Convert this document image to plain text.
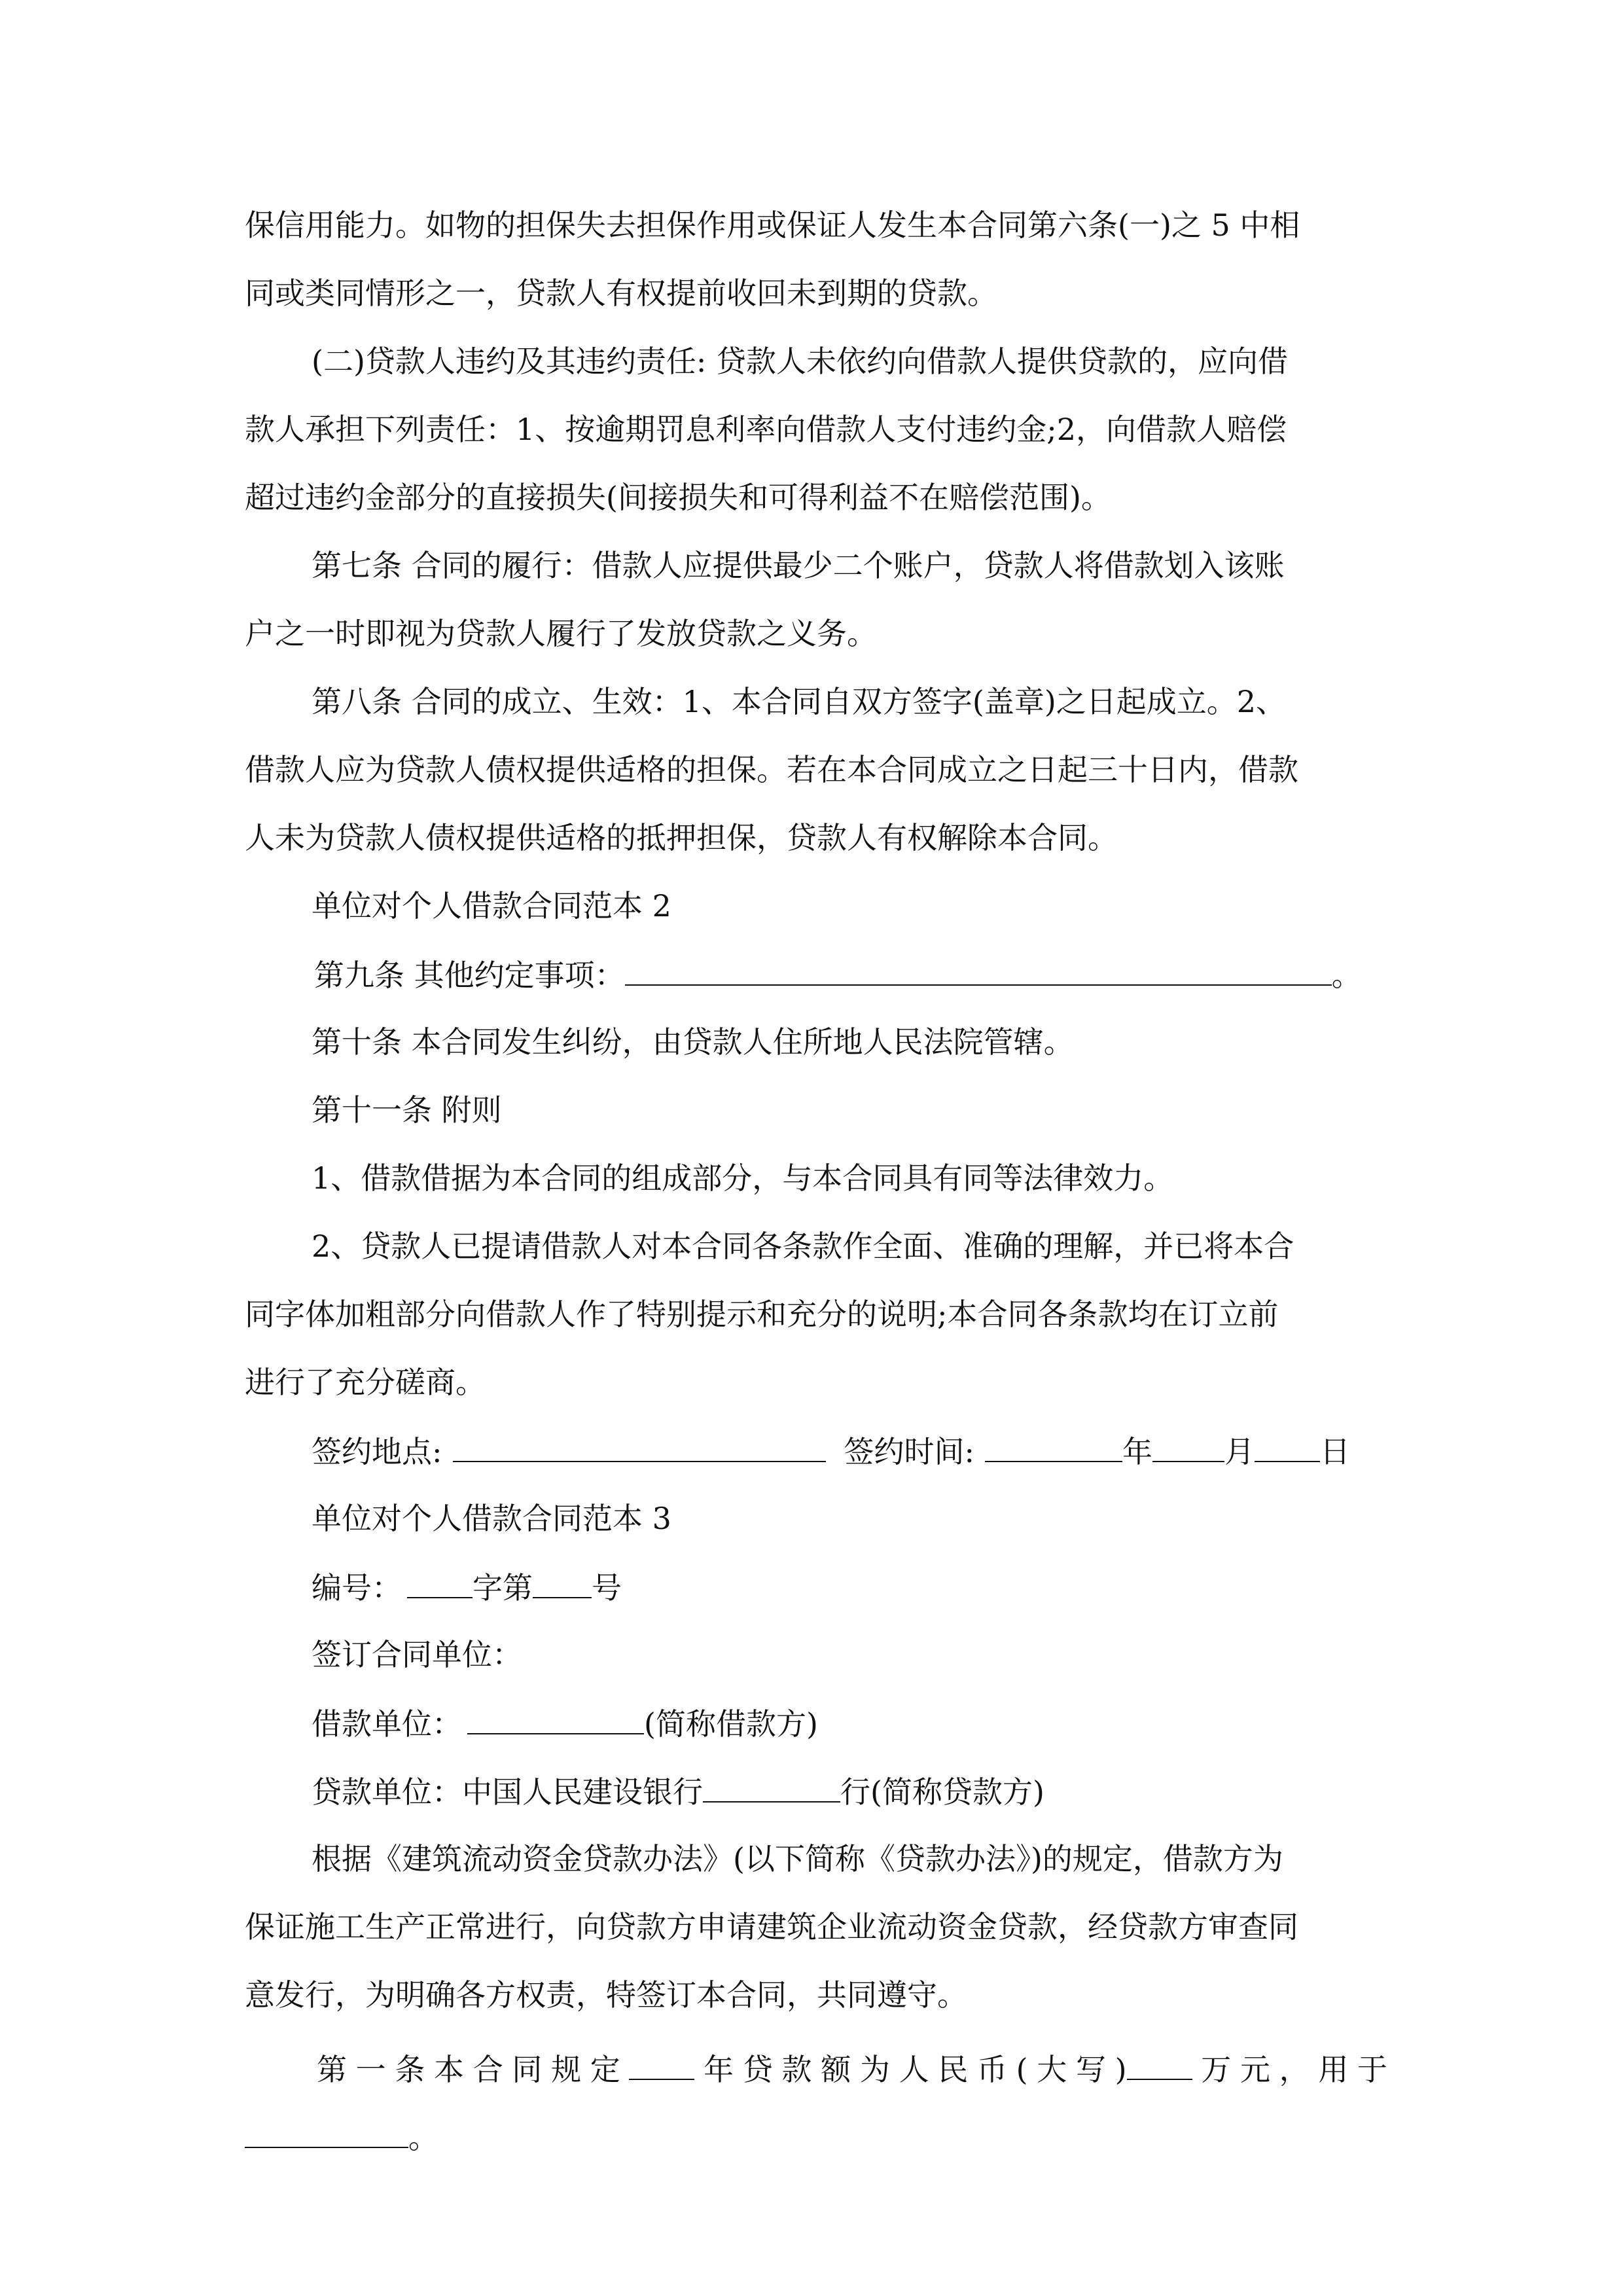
保信用能力。如物的担保失去担保作用或保证人发生本合同第六条(一)之 5 中相
同或类同情形之一，贷款人有权提前收回未到期的贷款。
(二)贷款人违约及其违约责任: 贷款人未依约向借款人提供贷款的，应向借
款人承担下列责任：1、按逾期罚息利率向借款人支付违约金;2，向借款人赔偿
超过违约金部分的直接损失(间接损失和可得利益不在赔偿范围)。
第七条 合同的履行：借款人应提供最少二个账户，贷款人将借款划入该账
户之一时即视为贷款人履行了发放贷款之义务。
第八条 合同的成立、生效：1、本合同自双方签字(盖章)之日起成立。2、
借款人应为贷款人债权提供适格的担保。若在本合同成立之日起三十日内，借款
人未为贷款人债权提供适格的抵押担保，贷款人有权解除本合同。
单位对个人借款合同范本 2
第九条 其他约定事项：	。
第十条 本合同发生纠纷，由贷款人住所地人民法院管辖。
第十一条 附则
1、借款借据为本合同的组成部分，与本合同具有同等法律效力。
2、贷款人已提请借款人对本合同各条款作全面、准确的理解，并已将本合
同字体加粗部分向借款人作了特别提示和充分的说明;本合同各条款均在订立前
进行了充分磋商。
签约地点:	签约时间:	年 月 日
单位对个人借款合同范本 3
编号： 字第 号
签订合同单位：
借款单位：	(简称借款方)
贷款单位：中国人民建设银行	行(简称贷款方)
根据《建筑流动资金贷款办法》(以下简称《贷款办法》)的规定，借款方为
保证施工生产正常进行，向贷款方申请建筑企业流动资金贷款，经贷款方审查同
意发行，为明确各方权责，特签订本合同，共同遵守。
第一条本合同规定 年贷款额为人民币(大写) 万元，用于
。
